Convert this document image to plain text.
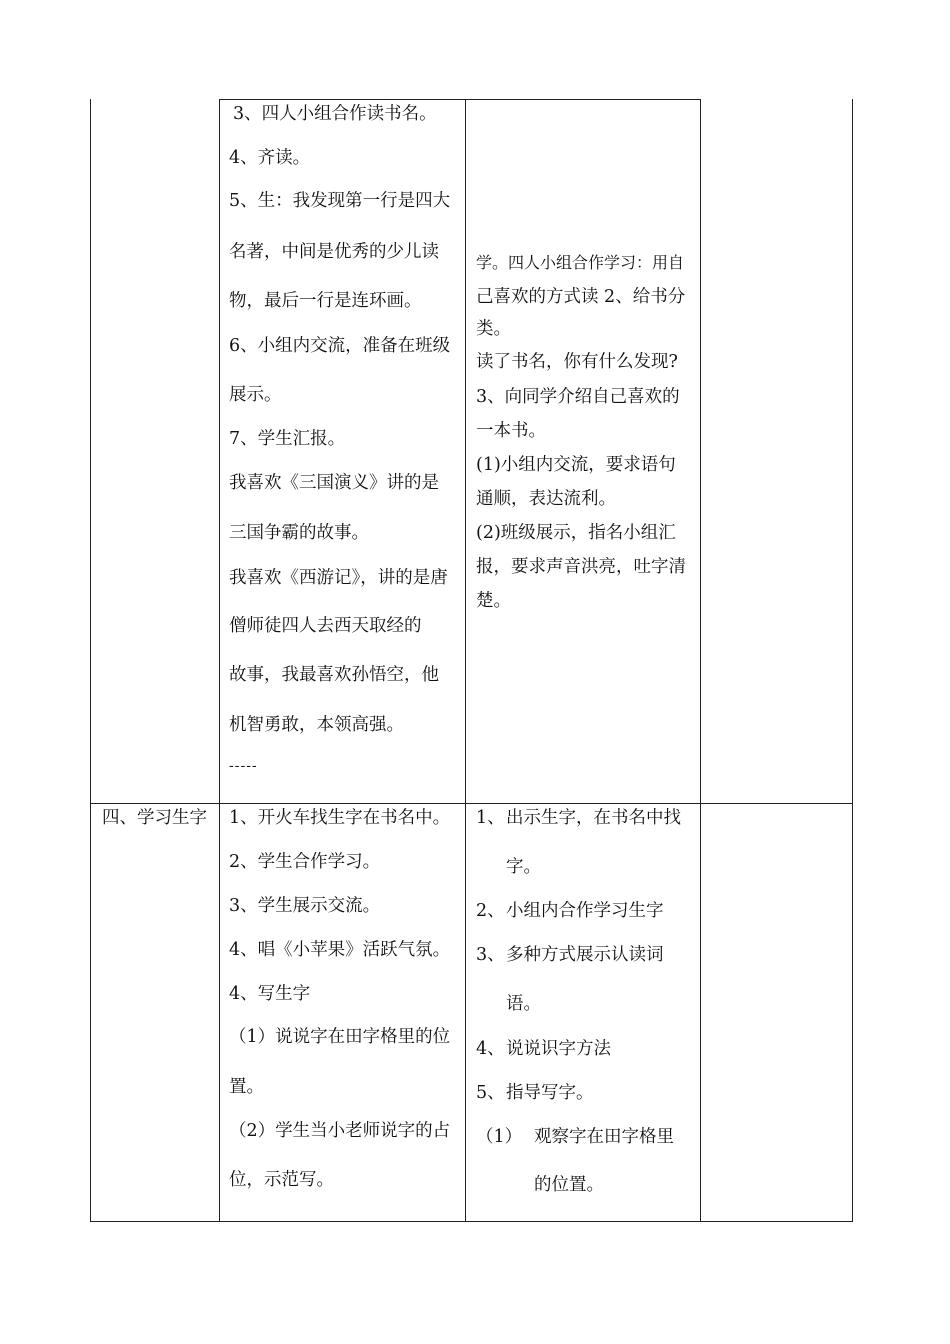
3、四人小组合作读书名。
4、齐读。
5、生：我发现第一行是四大
名著，中间是优秀的少儿读
物，最后一行是连环画。
6、小组内交流，准备在班级
展示。
7、学生汇报。
我喜欢《三国演义》讲的是
三国争霸的故事。
我喜欢《西游记》，讲的是唐
僧师徒四人去西天取经的
故事，我最喜欢孙悟空，他
机智勇敢，本领高强。
-----
学。四人小组合作学习：用自
己喜欢的方式读 2、给书分
类。
读了书名，你有什么发现?
3、向同学介绍自己喜欢的
一本书。
(1)小组内交流，要求语句
通顺，表达流利。
(2)班级展示，指名小组汇
报，要求声音洪亮，吐字清
楚。
四、学习生字 1、开火车找生字在书名中。
2、学生合作学习。
3、学生展示交流。
4、唱《小苹果》活跃气氛。
4、写生字
（1）说说字在田字格里的位
置。
（2）学生当小老师说字的占
位，示范写。
1、 出示生字，在书名中找
字。
2、 小组内合作学习生字
3、 多种方式展示认读词
语。
4、 说说识字方法
5、 指导写字。
（1） 观察字在田字格里
的位置。
